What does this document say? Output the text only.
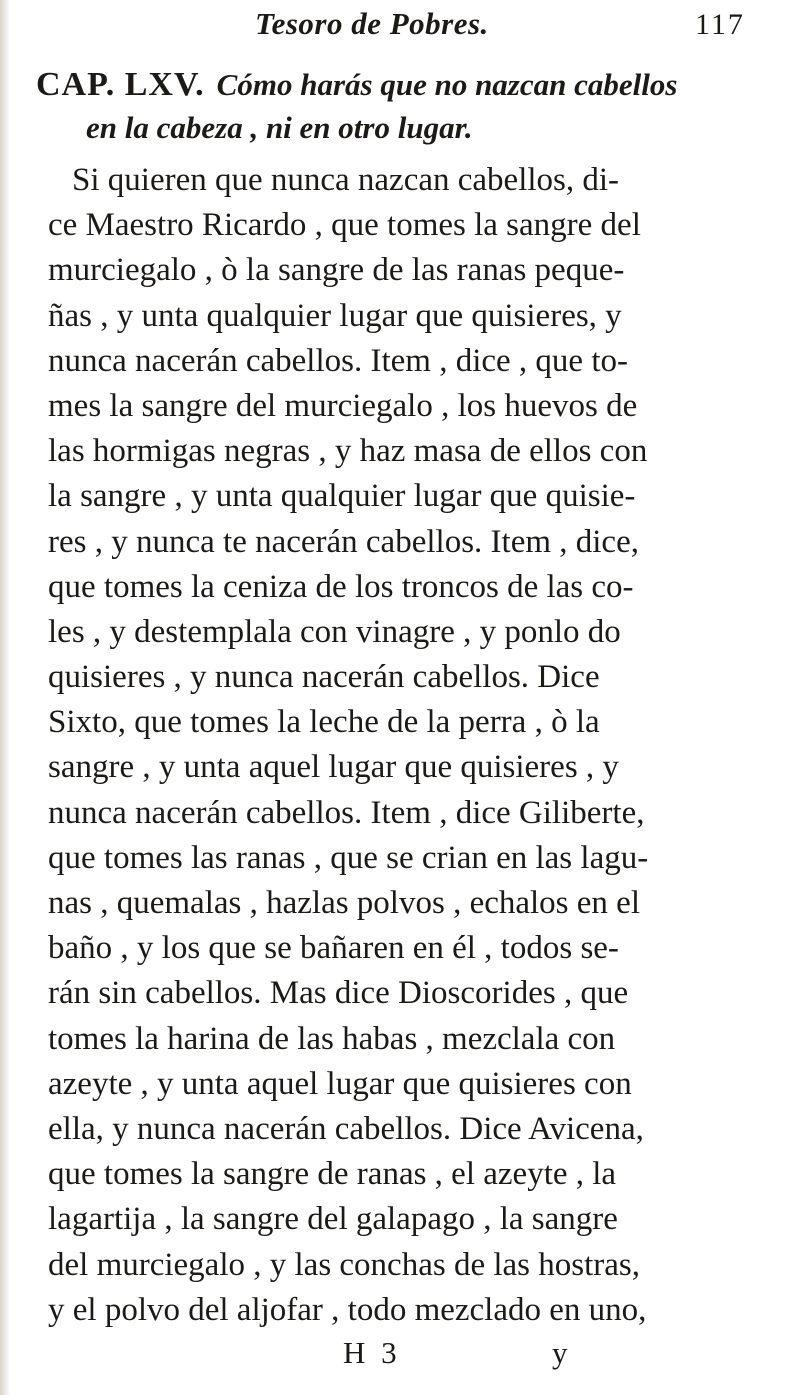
Tesoro de Pobres.	117
CAP. LXV. Cómo harás que no nazcan cabellos
en la cabeza , ni en otro lugar.
Si quieren que nunca nazcan cabellos, di-
ce Maestro Ricardo , que tomes la sangre del
murciegalo , ò la sangre de las ranas peque-
ñas , y unta qualquier lugar que quisieres, y
nunca nacerán cabellos. Item , dice , que to-
mes la sangre del murciegalo , los huevos de
las hormigas negras , y haz masa de ellos con
la sangre , y unta qualquier lugar que quisie-
res , y nunca te nacerán cabellos. Item , dice,
que tomes la ceniza de los troncos de las co-
les , y destemplala con vinagre , y ponlo do
quisieres , y nunca nacerán cabellos. Dice
Sixto, que tomes la leche de la perra , ò la
sangre , y unta aquel lugar que quisieres , y
nunca nacerán cabellos. Item , dice Giliberte,
que tomes las ranas , que se crian en las lagu-
nas , quemalas , hazlas polvos , echalos en el
baño , y los que se bañaren en él , todos se-
rán sin cabellos. Mas dice Dioscorides , que
tomes la harina de las habas , mezclala con
azeyte , y unta aquel lugar que quisieres con
ella, y nunca nacerán cabellos. Dice Avicena,
que tomes la sangre de ranas , el azeyte , la
lagartija , la sangre del galapago , la sangre
del murciegalo , y las conchas de las hostras,
y el polvo del aljofar , todo mezclado en uno,
H 3	y
